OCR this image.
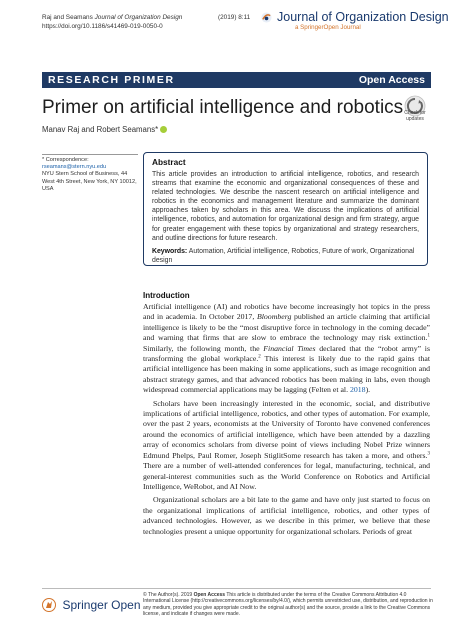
Raj and Seamans Journal of Organization Design
https://doi.org/10.1186/s41469-019-0050-0
(2019) 8:11 Journal of Organization Design
a SpringerOpen Journal
RESEARCH PRIMER	Open Access
Primer on artificial intelligence and robotics
Manav Raj and Robert Seamans*
Check for updates
* Correspondence: rseamans@stern.nyu.edu
NYU Stern School of Business, 44 West 4th Street, New York, NY 10012, USA
Abstract
This article provides an introduction to artificial intelligence, robotics, and research streams that examine the economic and organizational consequences of these and related technologies. We describe the nascent research on artificial intelligence and robotics in the economics and management literature and summarize the dominant approaches taken by scholars in this area. We discuss the implications of artificial intelligence, robotics, and automation for organizational design and firm strategy, argue for greater engagement with these topics by organizational and strategy researchers, and outline directions for future research.
Keywords: Automation, Artificial intelligence, Robotics, Future of work, Organizational design
Introduction

Artificial intelligence (AI) and robotics have become increasingly hot topics in the press and in academia. In October 2017, Bloomberg published an article claiming that artificial intelligence is likely to be the “most disruptive force in technology in the coming decade” and warning that firms that are slow to embrace the technology may risk extinction.$^1$ Similarly, the following month, the Financial Times declared that the “robot army” is transforming the global workplace.$^2$ This interest is likely due to the rapid gains that artificial intelligence has been making in some applications, such as image recognition and abstract strategy games, and that advanced robotics has been making in labs, even though widespread commercial applications may be lagging (Felten et al. 2018).

Scholars have been increasingly interested in the economic, social, and distributive implications of artificial intelligence, robotics, and other types of automation. For example, over the past 2 years, economists at the University of Toronto have convened conferences around the economics of artificial intelligence, which have been attended by a dazzling array of economics scholars from diverse point of views including Nobel Prize winners Edmund Phelps, Paul Romer, Joseph StiglitSome research has taken a more, and others.$^3$ There are a number of well-attended conferences for legal, manufacturing, technical, and general-interest communities such as the World Conference on Robotics and Artificial Intelligence, WeRobot, and AI Now.

Organizational scholars are a bit late to the game and have only just started to focus on the organizational implications of artificial intelligence, robotics, and other types of advanced technologies. However, as we describe in this primer, we believe that these technologies present a unique opportunity for organizational scholars. Periods of great

Springer Open
© The Author(s). 2019 Open Access This article is distributed under the terms of the Creative Commons Attribution 4.0 International License (http://creativecommons.org/licenses/by/4.0/), which permits unrestricted use, distribution, and reproduction in any medium, provided you give appropriate credit to the original author(s) and the source, provide a link to the Creative Commons license, and indicate if changes were made.
